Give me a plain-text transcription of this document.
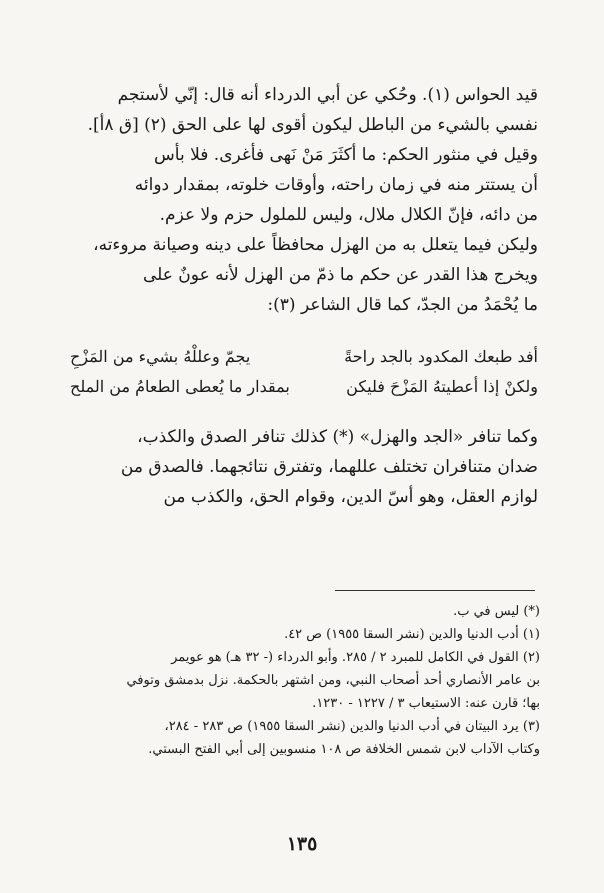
قيد الحواس (١). وحُكي عن أبي الدرداء أنه قال: إنّي لأستجم

نفسي بالشيء من الباطل ليكون أقوى لها على الحق (٢) [ق ٨أ].

وقيل في منثور الحكم: ما أكثَرَ مَنْ نَهى فأغرى. فلا بأس

أن يستتر منه في زمان راحته، وأوقات خلوته، بمقدار دوائه

من دائه، فإنّ الكلال ملال، وليس للملول حزم ولا عزم.

وليكن فيما يتعلل به من الهزل محافظاً على دينه وصيانة مروءته،

ويخرج هذا القدر عن حكم ما ذمّ من الهزل لأنه عونٌ على

ما يُحْمَدُ من الجدّ، كما قال الشاعر (٣):

أفد طبعك المكدود بالجد راحةً
يجمّ وعللْهُ بشيء من المَزْحِ
ولكنْ إذا أعطيتهُ المَزْحَ فليكن
بمقدار ما يُعطى الطعامُ من الملح

وكما تنافر «الجد والهزل» (*) كذلك تنافر الصدق والكذب،

ضدان متنافران تختلف عللهما، وتفترق نتائجهما. فالصدق من

لوازم العقل، وهو أسّ الدين، وقوام الحق، والكذب من

(*) ليس في ب.

(١) أدب الدنيا والدين (نشر السقا ١٩٥٥) ص ٤٢.

(٢) القول في الكامل للمبرد ٢ / ٢٨٥. وأبو الدرداء (- ٣٢ هـ) هو عويمر

بن عامر الأنصاري أحد أصحاب النبي، ومن اشتهر بالحكمة. نزل بدمشق وتوفي

بها؛ قارن عنه: الاستيعاب ٣ / ١٢٢٧ - ١٢٣٠.

(٣) يرد البيتان في أدب الدنيا والدين (نشر السقا ١٩٥٥) ص ٢٨٣ - ٢٨٤،

وكتاب الآداب لابن شمس الخلافة ص ١٠٨ منسوبين إلى أبي الفتح البستي.

١٣٥
